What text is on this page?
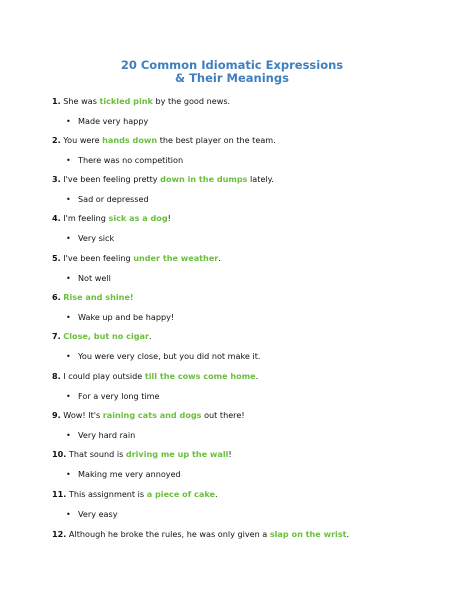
20 Common Idiomatic Expressions
& Their Meanings
1. She was tickled pink by the good news.
• Made very happy
2. You were hands down the best player on the team.
• There was no competition
3. I've been feeling pretty down in the dumps lately.
• Sad or depressed
4. I'm feeling sick as a dog!
• Very sick
5. I've been feeling under the weather.
• Not well
6. Rise and shine!
• Wake up and be happy!
7. Close, but no cigar.
• You were very close, but you did not make it.
8. I could play outside till the cows come home.
• For a very long time
9. Wow! It's raining cats and dogs out there!
• Very hard rain
10. That sound is driving me up the wall!
• Making me very annoyed
11. This assignment is a piece of cake.
• Very easy
12. Although he broke the rules, he was only given a slap on the wrist.
